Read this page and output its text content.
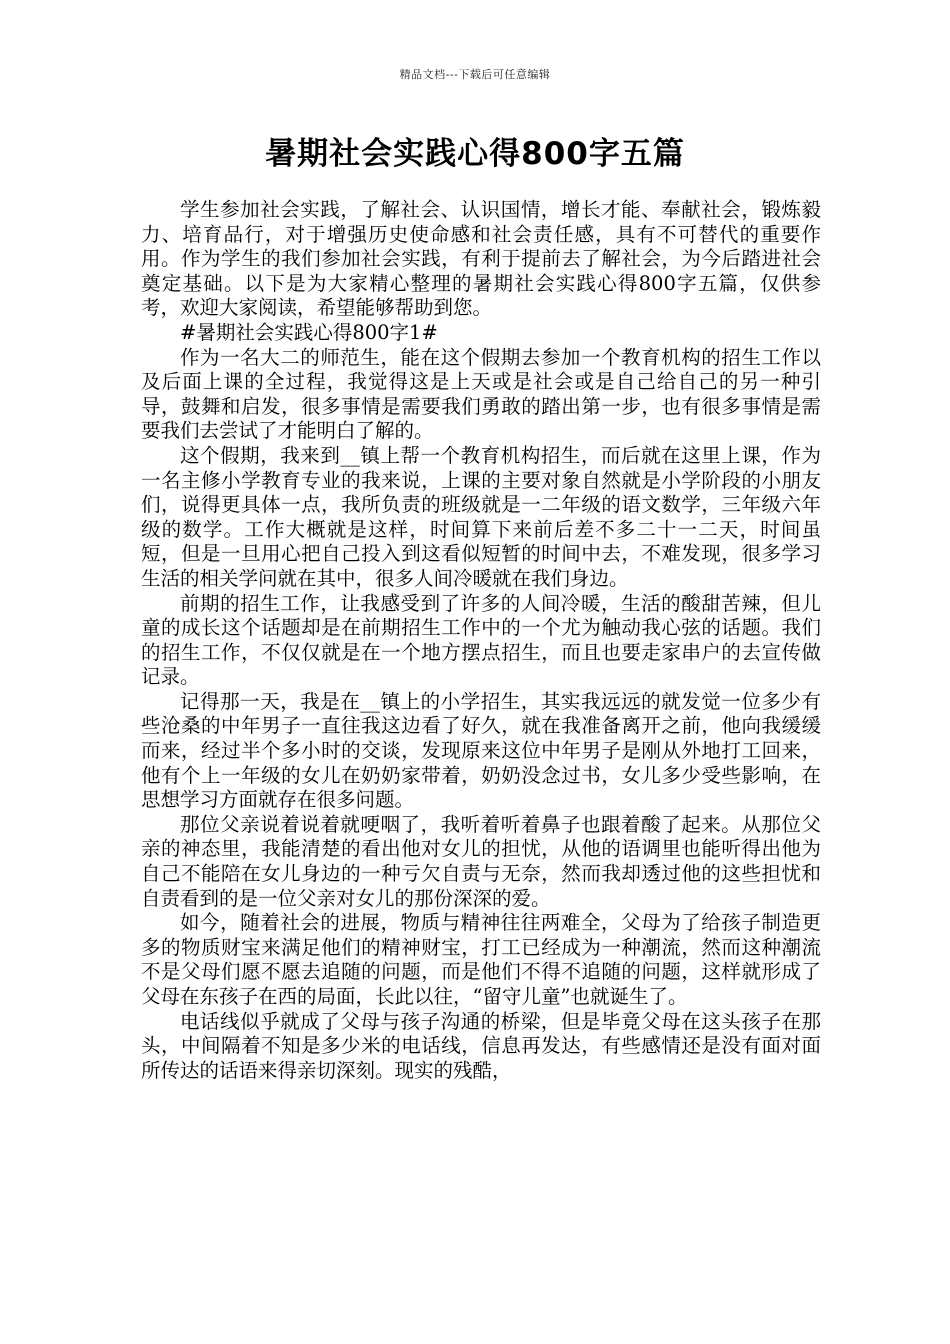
精品文档---下载后可任意编辑
暑期社会实践心得800字五篇

学生参加社会实践，了解社会、认识国情，增长才能、奉献社会，锻炼毅力、培育品行，对于增强历史使命感和社会责任感，具有不可替代的重要作用。作为学生的我们参加社会实践，有利于提前去了解社会，为今后踏进社会奠定基础。以下是为大家精心整理的暑期社会实践心得800字五篇，仅供参考，欢迎大家阅读，希望能够帮助到您。

#暑期社会实践心得800字1#

作为一名大二的师范生，能在这个假期去参加一个教育机构的招生工作以及后面上课的全过程，我觉得这是上天或是社会或是自己给自己的另一种引导，鼓舞和启发，很多事情是需要我们勇敢的踏出第一步，也有很多事情是需要我们去尝试了才能明白了解的。

这个假期，我来到__镇上帮一个教育机构招生，而后就在这里上课，作为一名主修小学教育专业的我来说，上课的主要对象自然就是小学阶段的小朋友们，说得更具体一点，我所负责的班级就是一二年级的语文数学，三年级六年级的数学。工作大概就是这样，时间算下来前后差不多二十一二天，时间虽短，但是一旦用心把自己投入到这看似短暂的时间中去，不难发现，很多学习生活的相关学问就在其中，很多人间冷暖就在我们身边。

前期的招生工作，让我感受到了许多的人间冷暖，生活的酸甜苦辣，但儿童的成长这个话题却是在前期招生工作中的一个尤为触动我心弦的话题。我们的招生工作，不仅仅就是在一个地方摆点招生，而且也要走家串户的去宣传做记录。

记得那一天，我是在__镇上的小学招生，其实我远远的就发觉一位多少有些沧桑的中年男子一直往我这边看了好久，就在我准备离开之前，他向我缓缓而来，经过半个多小时的交谈，发现原来这位中年男子是刚从外地打工回来，他有个上一年级的女儿在奶奶家带着，奶奶没念过书，女儿多少受些影响，在思想学习方面就存在很多问题。

那位父亲说着说着就哽咽了，我听着听着鼻子也跟着酸了起来。从那位父亲的神态里，我能清楚的看出他对女儿的担忧，从他的语调里也能听得出他为自己不能陪在女儿身边的一种亏欠自责与无奈，然而我却透过他的这些担忧和自责看到的是一位父亲对女儿的那份深深的爱。

如今，随着社会的进展，物质与精神往往两难全，父母为了给孩子制造更多的物质财宝来满足他们的精神财宝，打工已经成为一种潮流，然而这种潮流不是父母们愿不愿去追随的问题，而是他们不得不追随的问题，这样就形成了父母在东孩子在西的局面，长此以往，“留守儿童”也就诞生了。

电话线似乎就成了父母与孩子沟通的桥梁，但是毕竟父母在这头孩子在那头，中间隔着不知是多少米的电话线，信息再发达，有些感情还是没有面对面所传达的话语来得亲切深刻。现实的残酷，
